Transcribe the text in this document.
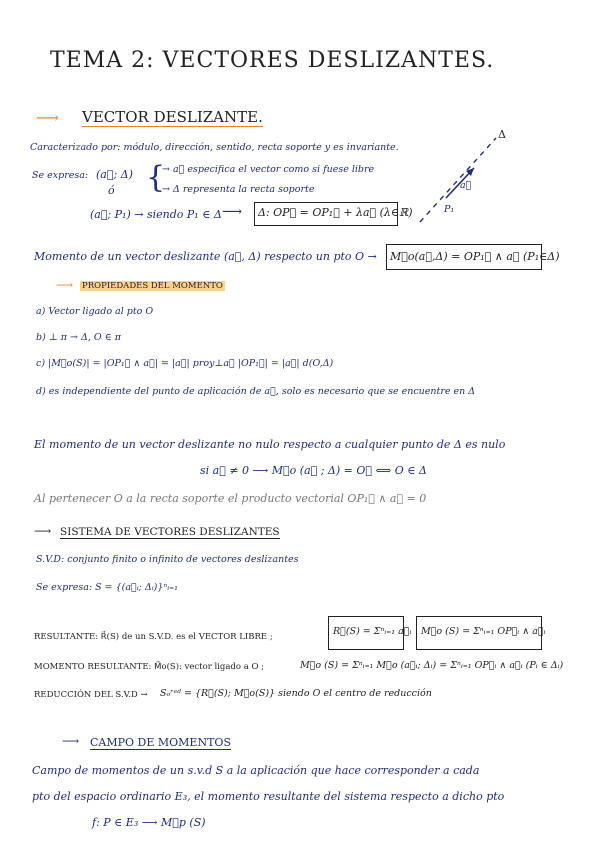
TEMA 2: VECTORES DESLIZANTES.
⟶ VECTOR DESLIZANTE.
Caracterizado por: módulo, dirección, sentido, recta soporte y es invariante.
Se expresa: (a⃗; Δ)
ó {
→ a⃗ especifica el vector como si fuese libre
→ Δ representa la recta soporte
(a⃗; P₁) → siendo P₁ ∈ Δ ⟶ Δ: OP⃗ = OP₁⃗ + λa⃗ (λ∈ℝ)
Δ
a⃗
P₁
Momento de un vector deslizante (a⃗, Δ) respecto un pto O → M⃗o(a⃗,Δ) = OP₁⃗ ∧ a⃗ (P₁∈Δ)
⟶ PROPIEDADES DEL MOMENTO
a) Vector ligado al pto O
b) ⊥ π → Δ, O ∈ π
c) |M⃗o(S)| = |OP₁⃗ ∧ a⃗| = |a⃗| proy⊥a⃗ |OP₁⃗| = |a⃗| d(O,Δ)
d) es independiente del punto de aplicación de a⃗, solo es necesario que se encuentre en Δ
El momento de un vector deslizante no nulo respecto a cualquier punto de Δ es nulo
si a⃗ ≠ 0 ⟶ M⃗o (a⃗ ; Δ) = O⃗ ⟺ O ∈ Δ
Al pertenecer O a la recta soporte el producto vectorial OP₁⃗ ∧ a⃗ = 0
⟶ SISTEMA DE VECTORES DESLIZANTES
S.V.D: conjunto finito o infinito de vectores deslizantes
Se expresa: S = {(a⃗ᵢ; Δᵢ)}ⁿᵢ₌₁
RESULTANTE: R⃗(S) de un S.V.D. es el VECTOR LIBRE ;	R⃗(S) = Σⁿᵢ₌₁ a⃗ᵢ M⃗o (S) = Σⁿᵢ₌₁ OP⃗ᵢ ∧ a⃗ᵢ
MOMENTO RESULTANTE: M⃗o(S): vector ligado a O ;	M⃗o (S) = Σⁿᵢ₌₁ M⃗o (a⃗ᵢ; Δᵢ) = Σⁿᵢ₌₁ OP⃗ᵢ ∧ a⃗ᵢ (Pᵢ ∈ Δᵢ)
REDUCCIÓN DEL S.V.D → Sₒʳᵉᵈ = {R⃗(S); M⃗o(S)} siendo O el centro de reducción
⟶ CAMPO DE MOMENTOS
Campo de momentos de un s.v.d S a la aplicación que hace corresponder a cada
pto del espacio ordinario E₃, el momento resultante del sistema respecto a dicho pto
f: P ∈ E₃ ⟶ M⃗p (S)
